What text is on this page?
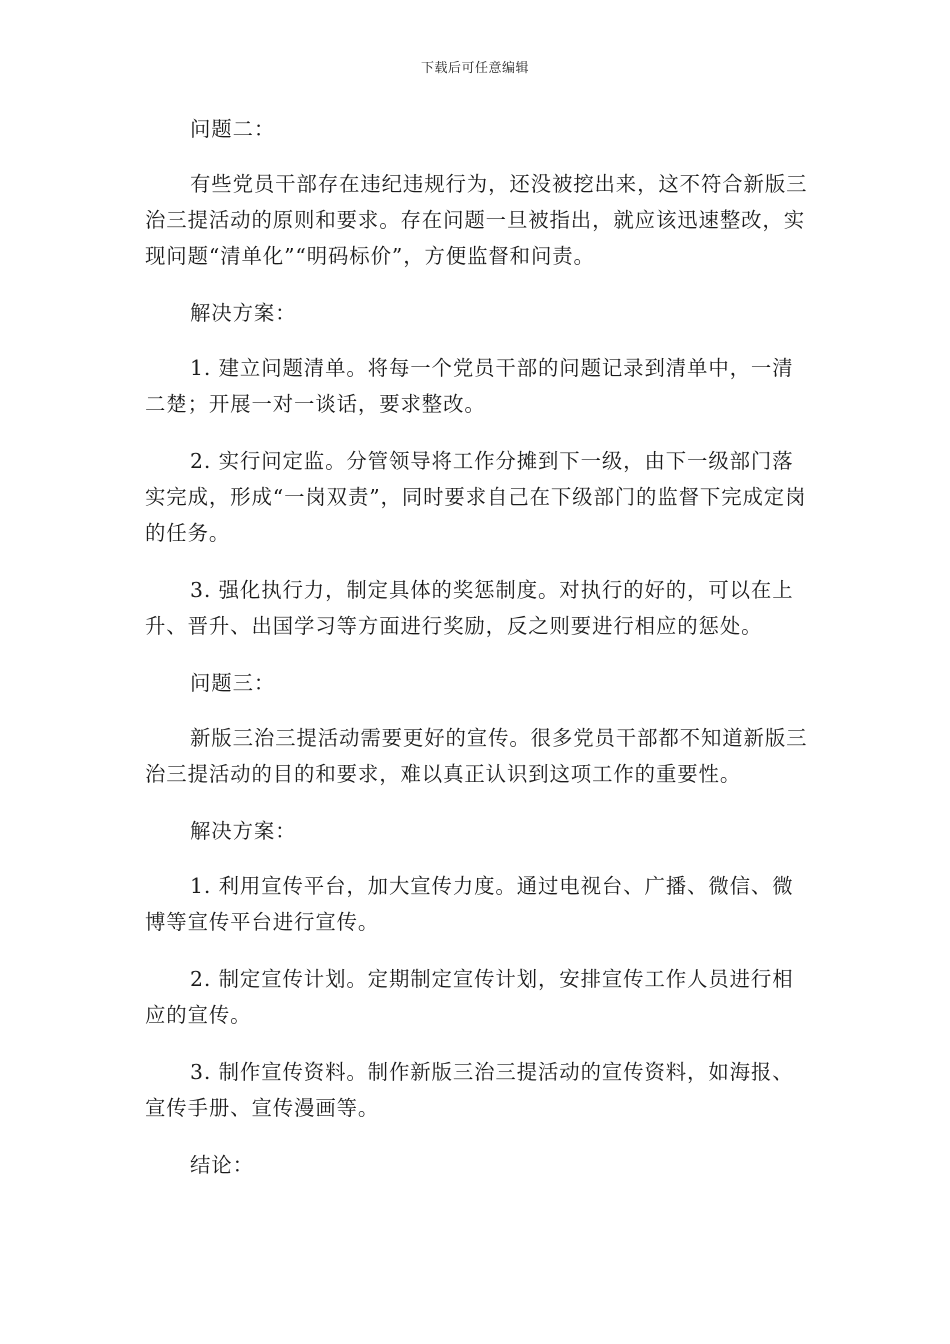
下载后可任意编辑

问题二：

有些党员干部存在违纪违规行为，还没被挖出来，这不符合新版三治三提活动的原则和要求。存在问题一旦被指出，就应该迅速整改，实现问题“清单化”“明码标价”，方便监督和问责。

解决方案：

1. 建立问题清单。将每一个党员干部的问题记录到清单中，一清二楚；开展一对一谈话，要求整改。

2. 实行问定监。分管领导将工作分摊到下一级，由下一级部门落实完成，形成“一岗双责”，同时要求自己在下级部门的监督下完成定岗的任务。

3. 强化执行力，制定具体的奖惩制度。对执行的好的，可以在上升、晋升、出国学习等方面进行奖励，反之则要进行相应的惩处。

问题三：

新版三治三提活动需要更好的宣传。很多党员干部都不知道新版三治三提活动的目的和要求，难以真正认识到这项工作的重要性。

解决方案：

1. 利用宣传平台，加大宣传力度。通过电视台、广播、微信、微博等宣传平台进行宣传。

2. 制定宣传计划。定期制定宣传计划，安排宣传工作人员进行相应的宣传。

3. 制作宣传资料。制作新版三治三提活动的宣传资料，如海报、宣传手册、宣传漫画等。

结论：
